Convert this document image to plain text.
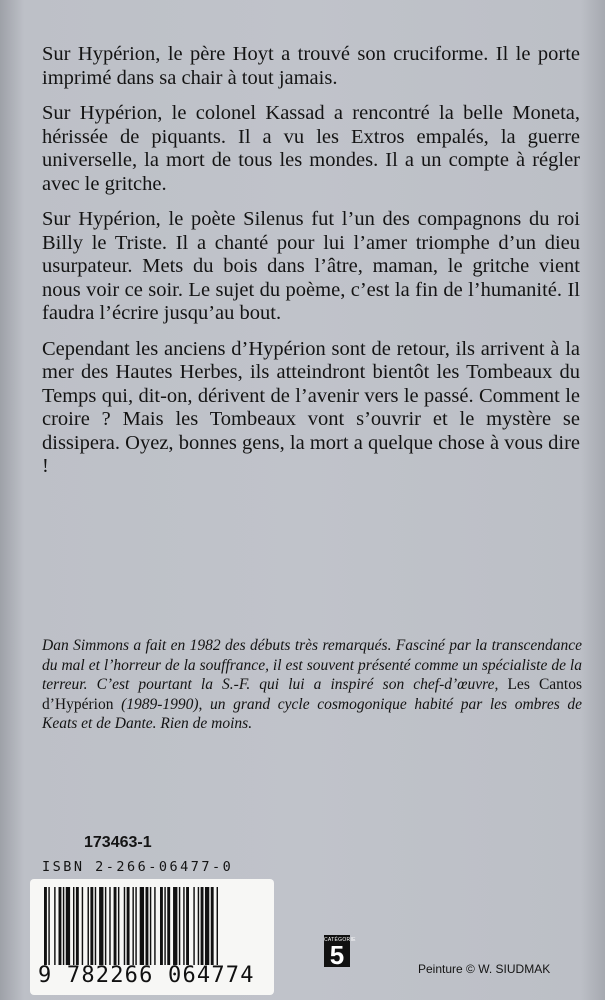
Sur Hypérion, le père Hoyt a trouvé son cruciforme. Il le porte imprimé dans sa chair à tout jamais.

Sur Hypérion, le colonel Kassad a rencontré la belle Moneta, hérissée de piquants. Il a vu les Extros empalés, la guerre universelle, la mort de tous les mondes. Il a un compte à régler avec le gritche.

Sur Hypérion, le poète Silenus fut l’un des compagnons du roi Billy le Triste. Il a chanté pour lui l’amer triomphe d’un dieu usurpateur. Mets du bois dans l’âtre, maman, le gritche vient nous voir ce soir. Le sujet du poème, c’est la fin de l’humanité. Il faudra l’écrire jusqu’au bout.

Cependant les anciens d’Hypérion sont de retour, ils arrivent à la mer des Hautes Herbes, ils atteindront bientôt les Tombeaux du Temps qui, dit-on, dérivent de l’avenir vers le passé. Comment le croire ? Mais les Tombeaux vont s’ouvrir et le mystère se dissipera. Oyez, bonnes gens, la mort a quelque chose à vous dire !

Dan Simmons a fait en 1982 des débuts très remarqués. Fasciné par la transcendance du mal et l’horreur de la souffrance, il est souvent présenté comme un spécialiste de la terreur. C’est pourtant la S.-F. qui lui a inspiré son chef-d’œuvre, Les Cantos d’Hypérion (1989-1990), un grand cycle cosmogonique habité par les ombres de Keats et de Dante. Rien de moins.

173463-1
ISBN 2-266-06477-0
9 782266 064774
CATÉGORIE
5	Peinture © W. SIUDMAK
